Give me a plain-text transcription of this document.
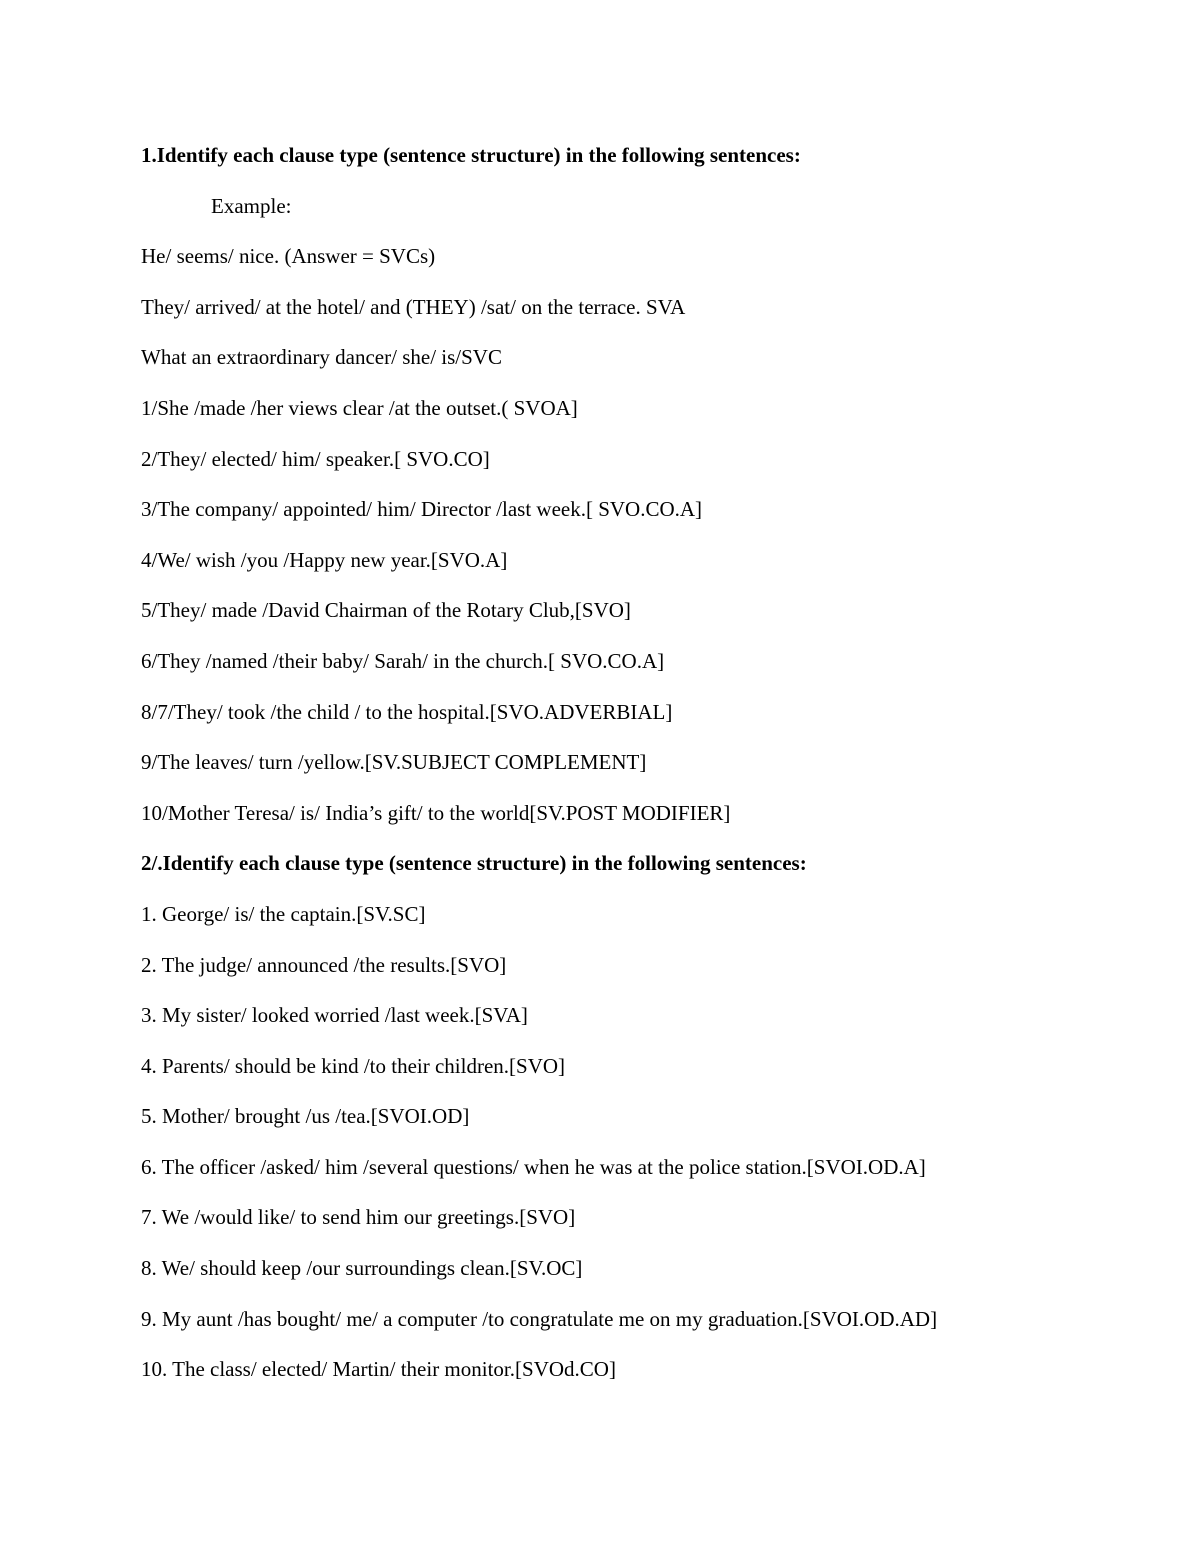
1.Identify each clause type (sentence structure) in the following sentences:
Example:
He/ seems/ nice. (Answer = SVCs)
They/ arrived/ at the hotel/ and (THEY) /sat/ on the terrace. SVA
What an extraordinary dancer/ she/ is/SVC
1/She /made /her views clear /at the outset.( SVOA]
2/They/ elected/ him/ speaker.[ SVO.CO]
3/The company/ appointed/ him/ Director /last week.[ SVO.CO.A]
4/We/ wish /you /Happy new year.[SVO.A]
5/They/ made /David Chairman of the Rotary Club,[SVO]
6/They /named /their baby/ Sarah/ in the church.[ SVO.CO.A]
8/7/They/ took /the child / to the hospital.[SVO.ADVERBIAL]
9/The leaves/ turn /yellow.[SV.SUBJECT COMPLEMENT]
10/Mother Teresa/ is/ India’s gift/ to the world[SV.POST MODIFIER]
2/.Identify each clause type (sentence structure) in the following sentences:
1. George/ is/ the captain.[SV.SC]
2. The judge/ announced /the results.[SVO]
3. My sister/ looked worried /last week.[SVA]
4. Parents/ should be kind /to their children.[SVO]
5. Mother/ brought /us /tea.[SVOI.OD]
6. The officer /asked/ him /several questions/ when he was at the police station.[SVOI.OD.A]
7. We /would like/ to send him our greetings.[SVO]
8. We/ should keep /our surroundings clean.[SV.OC]
9. My aunt /has bought/ me/ a computer /to congratulate me on my graduation.[SVOI.OD.AD]
10. The class/ elected/ Martin/ their monitor.[SVOd.CO]
